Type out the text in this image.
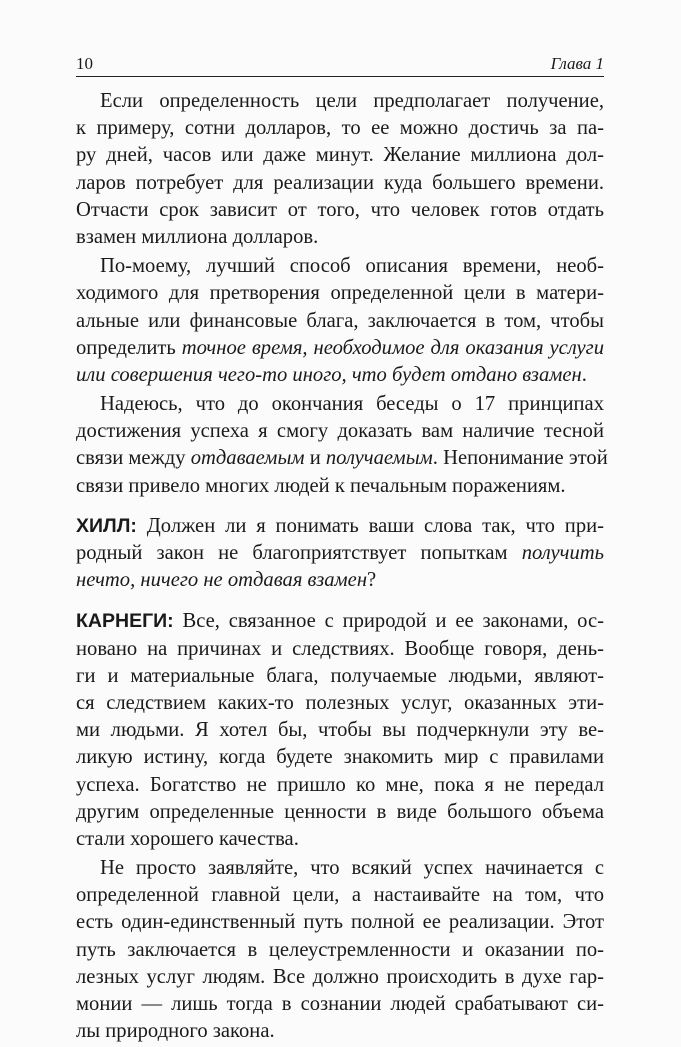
10	Глава 1
Если определенность цели предполагает получение,
к примеру, сотни долларов, то ее можно достичь за па-
ру дней, часов или даже минут. Желание миллиона дол-
ларов потребует для реализации куда большего времени.
Отчасти срок зависит от того, что человек готов отдать
взамен миллиона долларов.
По-моему, лучший способ описания времени, необ-
ходимого для претворения определенной цели в матери-
альные или финансовые блага, заключается в том, чтобы
определить точное время, необходимое для оказания услуги
или совершения чего-то иного, что будет отдано взамен.
Надеюсь, что до окончания беседы о 17 принципах
достижения успеха я смогу доказать вам наличие тесной
связи между отдаваемым и получаемым. Непонимание этой
связи привело многих людей к печальным поражениям.
ХИЛЛ: Должен ли я понимать ваши слова так, что при-
родный закон не благоприятствует попыткам получить
нечто, ничего не отдавая взамен?
КАРНЕГИ: Все, связанное с природой и ее законами, ос-
новано на причинах и следствиях. Вообще говоря, день-
ги и материальные блага, получаемые людьми, являют-
ся следствием каких-то полезных услуг, оказанных эти-
ми людьми. Я хотел бы, чтобы вы подчеркнули эту ве-
ликую истину, когда будете знакомить мир с правилами
успеха. Богатство не пришло ко мне, пока я не передал
другим определенные ценности в виде большого объема
стали хорошего качества.
Не просто заявляйте, что всякий успех начинается с
определенной главной цели, а настаивайте на том, что
есть один-единственный путь полной ее реализации. Этот
путь заключается в целеустремленности и оказании по-
лезных услуг людям. Все должно происходить в духе гар-
монии — лишь тогда в сознании людей срабатывают си-
лы природного закона.
